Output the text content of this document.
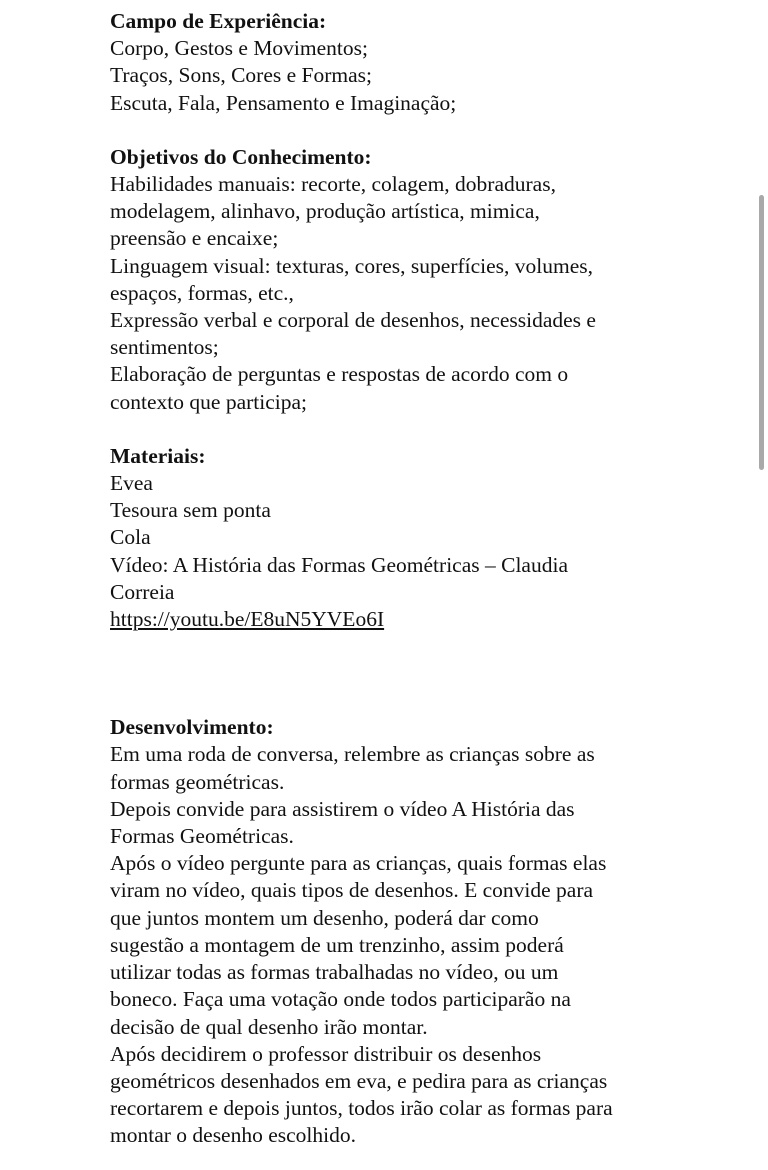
Campo de Experiência:
Corpo, Gestos e Movimentos;
Traços, Sons, Cores e Formas;
Escuta, Fala, Pensamento e Imaginação;
Objetivos do Conhecimento:
Habilidades manuais: recorte, colagem, dobraduras,
modelagem, alinhavo, produção artística, mimica,
preensão e encaixe;
Linguagem visual: texturas, cores, superfícies, volumes,
espaços, formas, etc.,
Expressão verbal e corporal de desenhos, necessidades e
sentimentos;
Elaboração de perguntas e respostas de acordo com o
contexto que participa;
Materiais:
Evea
Tesoura sem ponta
Cola
Vídeo: A História das Formas Geométricas – Claudia
Correia
https://youtu.be/E8uN5YVEo6I
Desenvolvimento:
Em uma roda de conversa, relembre as crianças sobre as
formas geométricas.
Depois convide para assistirem o vídeo A História das
Formas Geométricas.
Após o vídeo pergunte para as crianças, quais formas elas
viram no vídeo, quais tipos de desenhos. E convide para
que juntos montem um desenho, poderá dar como
sugestão a montagem de um trenzinho, assim poderá
utilizar todas as formas trabalhadas no vídeo, ou um
boneco. Faça uma votação onde todos participarão na
decisão de qual desenho irão montar.
Após decidirem o professor distribuir os desenhos
geométricos desenhados em eva, e pedira para as crianças
recortarem e depois juntos, todos irão colar as formas para
montar o desenho escolhido.
